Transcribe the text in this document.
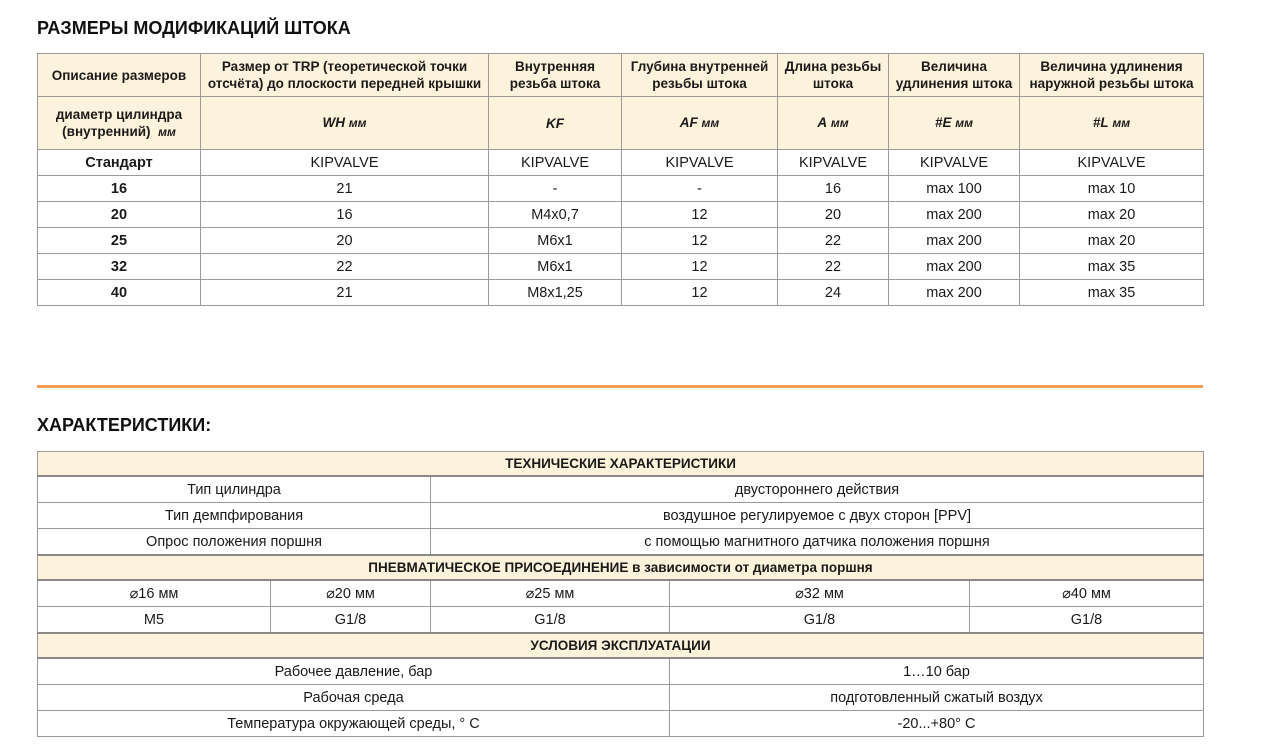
РАЗМЕРЫ МОДИФИКАЦИЙ ШТОКА
Описание размеров	Размер от TRP (теоретической точки отсчёта) до плоскости передней крышки	Внутренняя резьба штока	Глубина внутренней резьбы штока	Длина резьбы штока	Величина удлинения штока	Величина удлинения наружной резьбы штока
диаметр цилиндра (внутренний) мм	WH мм	KF	AF мм	A мм	#E мм	#L мм
Стандарт	KIPVALVE	KIPVALVE	KIPVALVE	KIPVALVE	KIPVALVE	KIPVALVE
16	21	-	-	16	max 100	max 10
20	16	M4x0,7	12	20	max 200	max 20
25	20	M6x1	12	22	max 200	max 20
32	22	M6x1	12	22	max 200	max 35
40	21	M8x1,25	12	24	max 200	max 35
ХАРАКТЕРИСТИКИ:
ТЕХНИЧЕСКИЕ ХАРАКТЕРИСТИКИ				
Тип цилиндра		двустороннего действия		
Тип демпфирования		воздушное регулируемое с двух сторон [PPV]		
Опрос положения поршня		с помощью магнитного датчика положения поршня		
ПНЕВМАТИЧЕСКОЕ ПРИСОЕДИНЕНИЕ в зависимости от диаметра поршня				
⌀16 мм	⌀20 мм	⌀25 мм	⌀32 мм	⌀40 мм
M5	G1/8	G1/8	G1/8	G1/8
УСЛОВИЯ ЭКСПЛУАТАЦИИ				
Рабочее давление, бар			1…10 бар	
Рабочая среда			подготовленный сжатый воздух	
Температура окружающей среды, ° C			-20...+80° C	
